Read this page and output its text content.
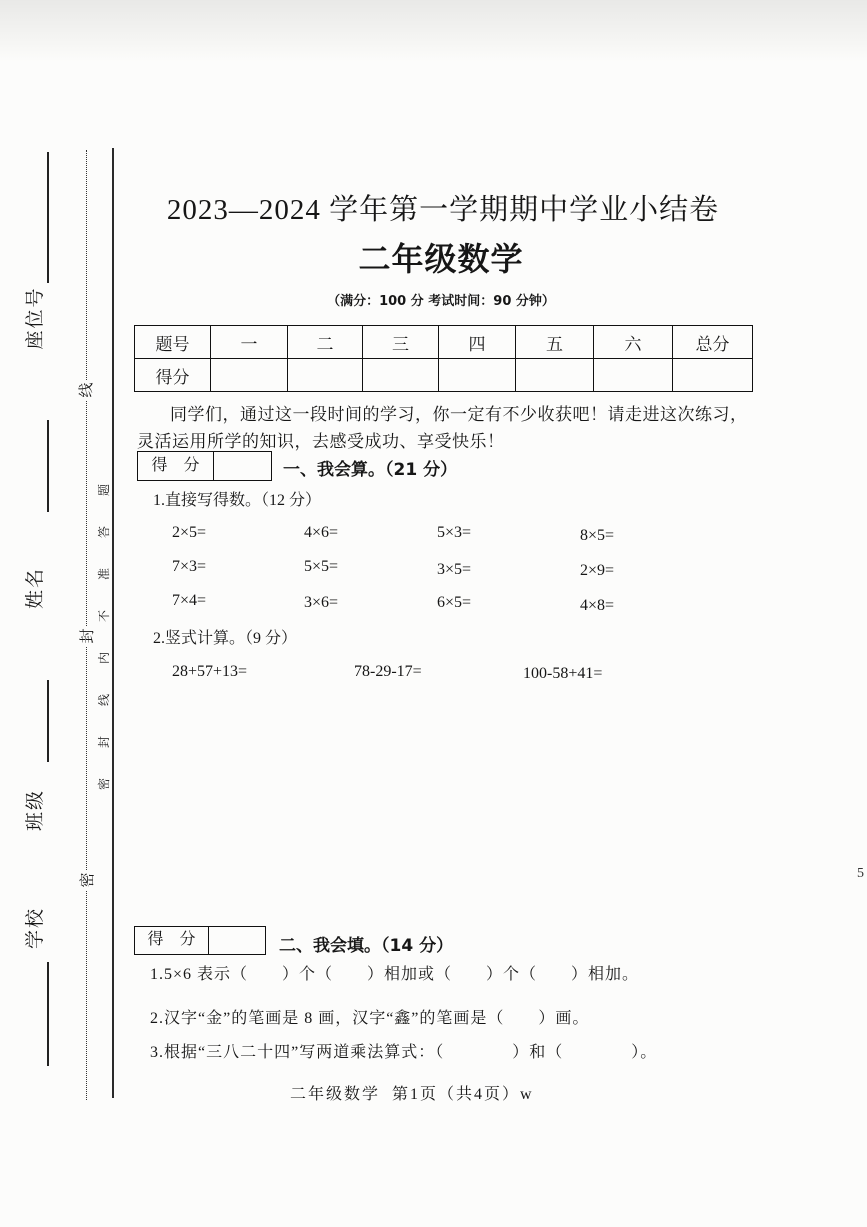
座位号
姓名
班级
学校
线
封
密
密封线内不准答题
2023—2024 学年第一学期期中学业小结卷
二年级数学
（满分：100 分 考试时间：90 分钟）
题号	一	二	三	四	五	六	总分
得分							
同学们，通过这一段时间的学习，你一定有不少收获吧！请走进这次练习，
灵活运用所学的知识，去感受成功、享受快乐！
得　分	一、我会算。（21 分）
1.直接写得数。（12 分）
2×5=	4×6=	5×3=	8×5=
7×3=	5×5=	3×5=	2×9=
7×4=	3×6=	6×5=	4×8=
2.竖式计算。（9 分）
28+57+13=	78-29-17=	100-58+41=
得　分	二、我会填。（14 分）
1.5×6 表示（　　）个（　　）相加或（　　）个（　　）相加。
2.汉字“金”的笔画是 8 画，汉字“鑫”的笔画是（　　）画。
3.根据“三八二十四”写两道乘法算式：（　　　　）和（　　　　）。
二年级数学  第1页（共4页）w
5
